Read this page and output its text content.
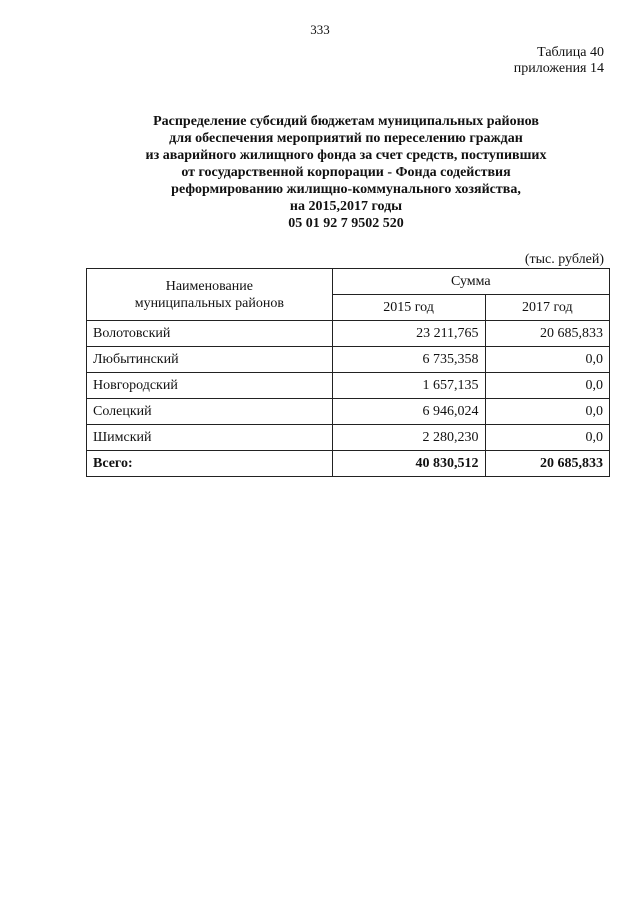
333
Таблица 40
приложения 14
Распределение субсидий бюджетам муниципальных районов
для обеспечения мероприятий по переселению граждан
из аварийного жилищного фонда за счет средств, поступивших
от государственной корпорации - Фонда содействия
реформированию жилищно-коммунального хозяйства,
на 2015,2017 годы
05 01 92 7 9502 520
(тыс. рублей)
Наименование
муниципальных районов	Сумма	
	2015 год	2017 год
Волотовский	23 211,765	20 685,833
Любытинский	6 735,358	0,0
Новгородский	1 657,135	0,0
Солецкий	6 946,024	0,0
Шимский	2 280,230	0,0
Всего:	40 830,512	20 685,833
